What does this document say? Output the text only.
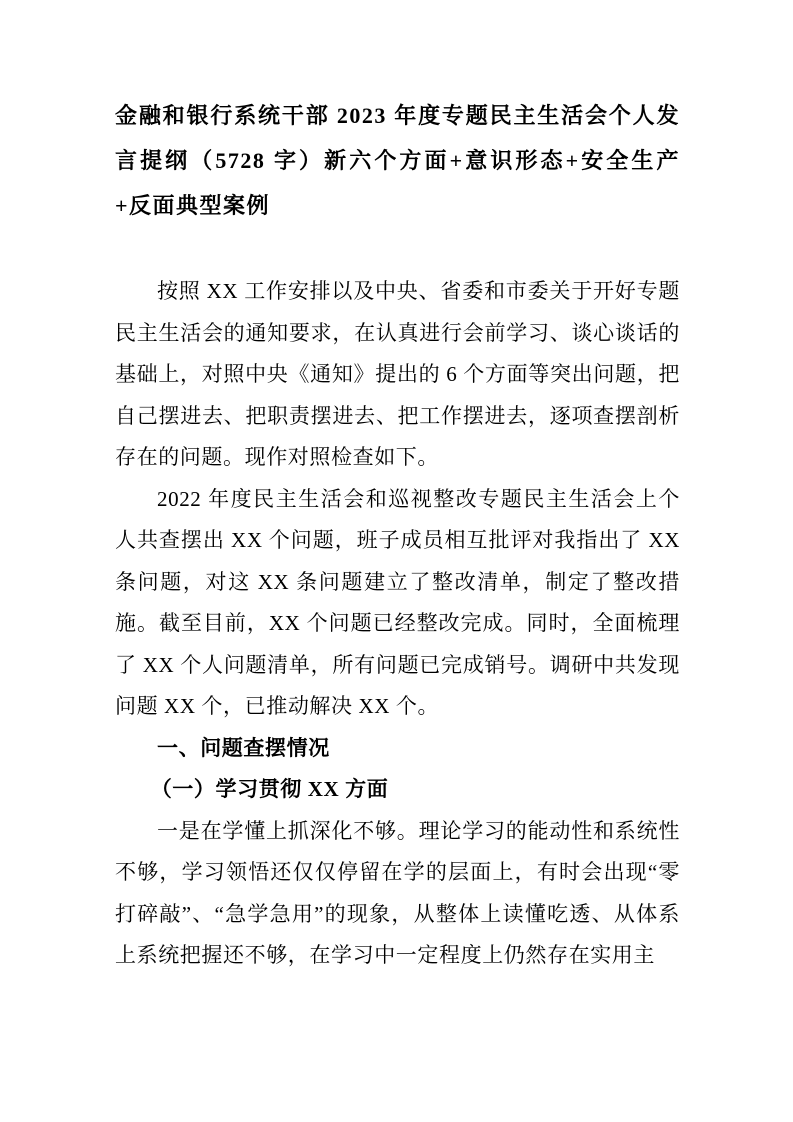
金融和银行系统干部 2023 年度专题民主生活会个人发言提纲（5728 字）新六个方面+意识形态+安全生产+反面典型案例

按照 XX 工作安排以及中央、省委和市委关于开好专题民主生活会的通知要求，在认真进行会前学习、谈心谈话的基础上，对照中央《通知》提出的 6 个方面等突出问题，把自己摆进去、把职责摆进去、把工作摆进去，逐项查摆剖析存在的问题。现作对照检查如下。

2022 年度民主生活会和巡视整改专题民主生活会上个人共查摆出 XX 个问题，班子成员相互批评对我指出了 XX 条问题，对这 XX 条问题建立了整改清单，制定了整改措施。截至目前，XX 个问题已经整改完成。同时，全面梳理了 XX 个人问题清单，所有问题已完成销号。调研中共发现问题 XX 个，已推动解决 XX 个。

一、问题查摆情况
（一）学习贯彻 XX 方面

一是在学懂上抓深化不够。理论学习的能动性和系统性不够，学习领悟还仅仅停留在学的层面上，有时会出现“零打碎敲”、“急学急用”的现象，从整体上读懂吃透、从体系上系统把握还不够，在学习中一定程度上仍然存在实用主
